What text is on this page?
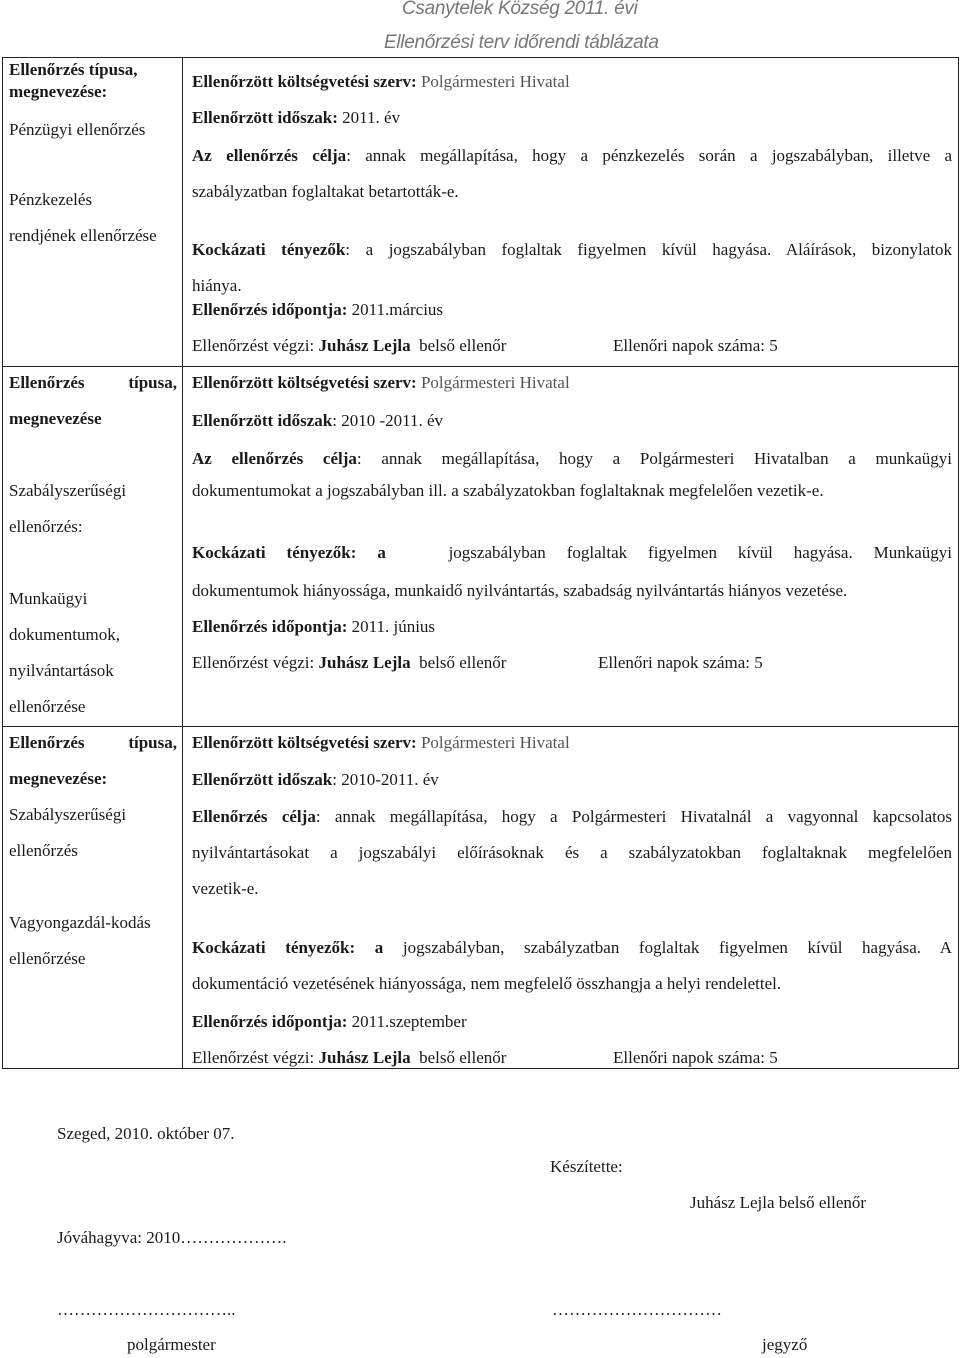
Csanytelek Község 2011. évi
Ellenőrzési terv időrendi táblázata
Ellenőrzés típusa,
megnevezése:
Pénzügyi ellenőrzés
Pénzkezelés
rendjének ellenőrzése
Ellenőrzött költségvetési szerv: Polgármesteri Hivatal
Ellenőrzött időszak: 2011. év
Az ellenőrzés célja: annak megállapítása, hogy a pénzkezelés során a jogszabályban, illetve a
szabályzatban foglaltakat betartották-e.
Kockázati tényezők: a jogszabályban foglaltak figyelmen kívül hagyása. Aláírások, bizonylatok
hiánya.
Ellenőrzés időpontja: 2011.március
Ellenőrzést végzi: Juhász Lejla belső ellenőr	Ellenőri napok száma: 5
Ellenőrzés típusa,
megnevezése
Szabályszerűségi
ellenőrzés:
Munkaügyi
dokumentumok,
nyilvántartások
ellenőrzése
Ellenőrzött költségvetési szerv: Polgármesteri Hivatal
Ellenőrzött időszak: 2010 -2011. év
Az ellenőrzés célja: annak megállapítása, hogy a Polgármesteri Hivatalban a munkaügyi
dokumentumokat a jogszabályban ill. a szabályzatokban foglaltaknak megfelelően vezetik-e.
Kockázati tényezők: a	jogszabályban foglaltak figyelmen kívül hagyása. Munkaügyi
dokumentumok hiányossága, munkaidő nyilvántartás, szabadság nyilvántartás hiányos vezetése.
Ellenőrzés időpontja: 2011. június
Ellenőrzést végzi: Juhász Lejla belső ellenőr	Ellenőri napok száma: 5
Ellenőrzés típusa,
megnevezése:
Szabályszerűségi
ellenőrzés
Vagyongazdál-kodás
ellenőrzése
Ellenőrzött költségvetési szerv: Polgármesteri Hivatal
Ellenőrzött időszak: 2010-2011. év
Ellenőrzés célja: annak megállapítása, hogy a Polgármesteri Hivatalnál a vagyonnal kapcsolatos
nyilvántartásokat a jogszabályi előírásoknak és a szabályzatokban foglaltaknak megfelelően
vezetik-e.
Kockázati tényezők: a jogszabályban, szabályzatban foglaltak figyelmen kívül hagyása. A
dokumentáció vezetésének hiányossága, nem megfelelő összhangja a helyi rendelettel.
Ellenőrzés időpontja: 2011.szeptember
Ellenőrzést végzi: Juhász Lejla belső ellenőr	Ellenőri napok száma: 5
Szeged, 2010. október 07.
Készítette:
Juhász Lejla belső ellenőr
Jóváhagyva: 2010……………….
…………………………..	…………………………
polgármester	jegyző
